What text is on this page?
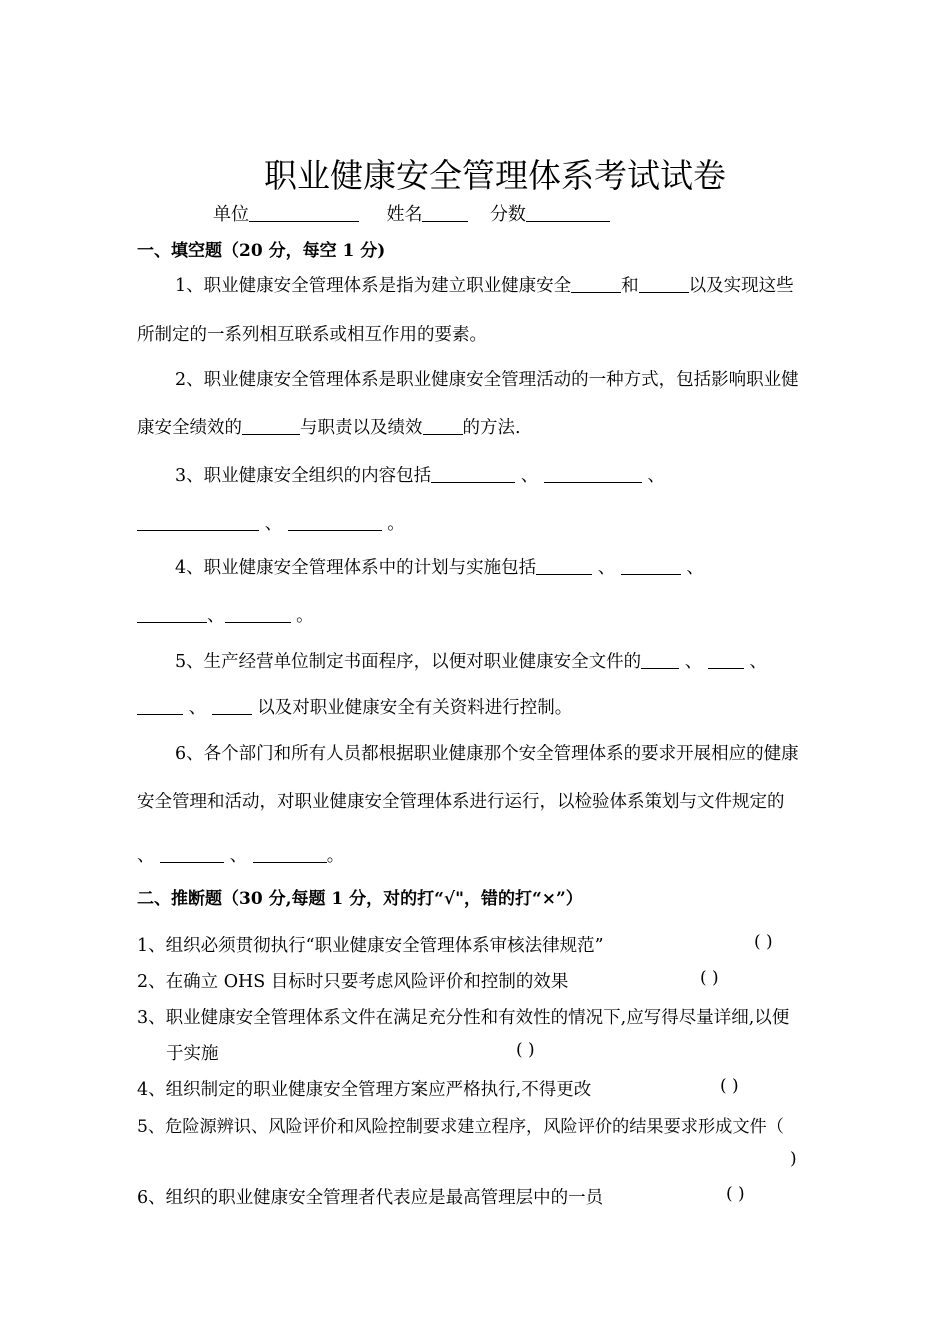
职业健康安全管理体系考试试卷
单位	姓名	分数
一、填空题（20 分，每空 1 分)
1、职业健康安全管理体系是指为建立职业健康安全	和	以及实现这些
所制定的一系列相互联系或相互作用的要素。
2、职业健康安全管理体系是职业健康安全管理活动的一种方式，包括影响职业健
康安全绩效的	与职责以及绩效 的方法.
3、职业健康安全组织的内容包括	、	、
、	。
4、职业健康安全管理体系中的计划与实施包括	、	、
、	。
5、生产经营单位制定书面程序，以便对职业健康安全文件的 、	、
、	以及对职业健康安全有关资料进行控制。
6、各个部门和所有人员都根据职业健康那个安全管理体系的要求开展相应的健康
安全管理和活动，对职业健康安全管理体系进行运行，以检验体系策划与文件规定的
、	、	。
二、推断题（30 分,每题 1 分，对的打“√"，错的打“×”）
1、组织必须贯彻执行“职业健康安全管理体系审核法律规范”	( )
2、在确立 OHS 目标时只要考虑风险评价和控制的效果	( )
3、职业健康安全管理体系文件在满足充分性和有效性的情况下,应写得尽量详细,以便
于实施	( )
4、组织制定的职业健康安全管理方案应严格执行,不得更改	( )
5、危险源辨识、风险评价和风险控制要求建立程序，风险评价的结果要求形成文件（
)
6、组织的职业健康安全管理者代表应是最高管理层中的一员	( )
